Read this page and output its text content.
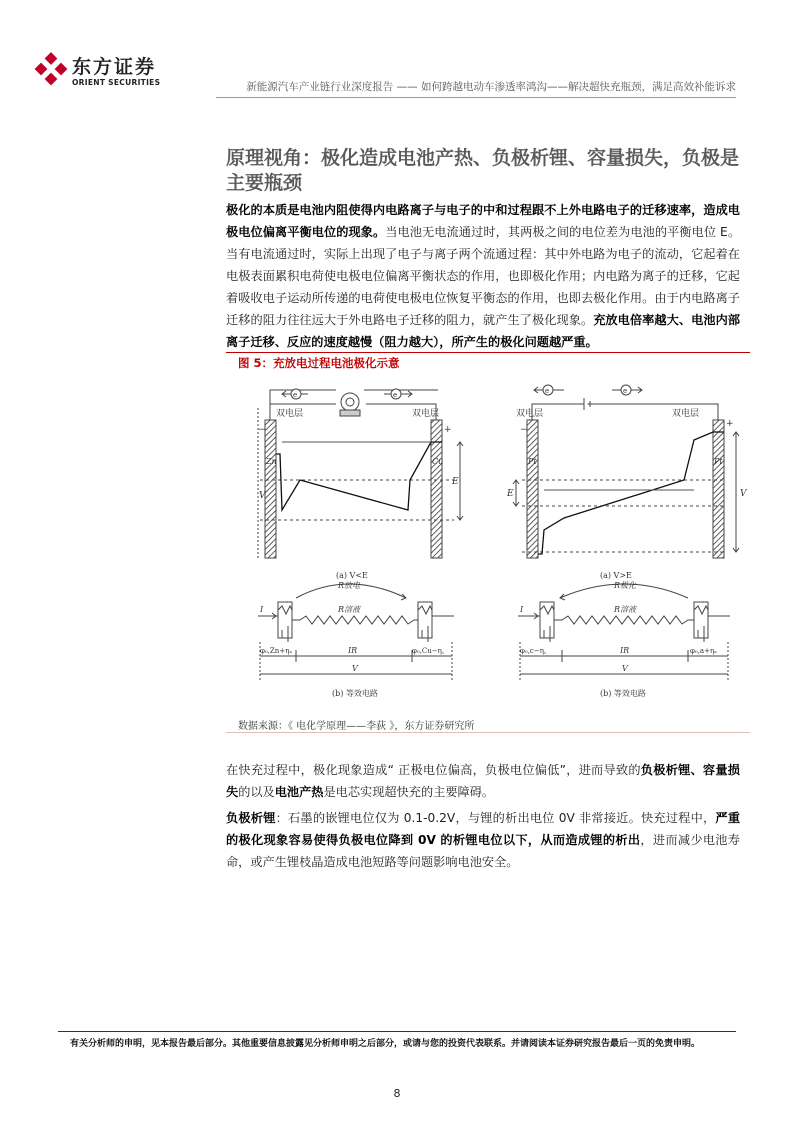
东方证券
ORIENT SECURITIES	新能源汽车产业链行业深度报告 —— 如何跨越电动车渗透率鸿沟——解决超快充瓶颈，满足高效补能诉求
原理视角：极化造成电池产热、负极析锂、容量损失，负极是主要瓶颈
极化的本质是电池内阻使得内电路离子与电子的中和过程跟不上外电路电子的迁移速率，造成电极电位偏离平衡电位的现象。当电池无电流通过时，其两极之间的电位差为电池的平衡电位 E。当有电流通过时，实际上出现了电子与离子两个流通过程：其中外电路为电子的流动，它起着在电极表面累积电荷使电极电位偏离平衡状态的作用，也即极化作用；内电路为离子的迁移，它起着吸收电子运动所传递的电荷使电极电位恢复平衡态的作用，也即去极化作用。由于内电路离子迁移的阻力往往远大于外电路电子迁移的阻力，就产生了极化现象。充放电倍率越大、电池内部离子迁移、反应的速度越慢（阻力越大），所产生的极化问题越严重。
图 5：充放电过程电池极化示意
双电层	双电层
e	e
−	+
Zn	Cu
V
E
(a) V<E
I
R放电
R溶液
φ₀,Zn+ηₐ	IR	φ₀,Cu−η꜀
V
(b) 等效电路
双电层	双电层
e	e
−
+
Pt	Pt
E	V
(a) V>E
I
R极化
R溶液
φ₀,c−η꜀	IR	φ₀,a+ηₐ
V
(b) 等效电路
数据来源：《 电化学原理——李荻 》，东方证券研究所
在快充过程中，极化现象造成“ 正极电位偏高，负极电位偏低”，进而导致的负极析锂、容量损失的以及电池产热是电芯实现超快充的主要障碍。
负极析锂：石墨的嵌锂电位仅为 0.1-0.2V，与锂的析出电位 0V 非常接近。快充过程中，严重的极化现象容易使得负极电位降到 0V 的析锂电位以下，从而造成锂的析出，进而减少电池寿命，或产生锂枝晶造成电池短路等问题影响电池安全。
有关分析师的申明，见本报告最后部分。其他重要信息披露见分析师申明之后部分，或请与您的投资代表联系。并请阅读本证券研究报告最后一页的免责申明。
8
